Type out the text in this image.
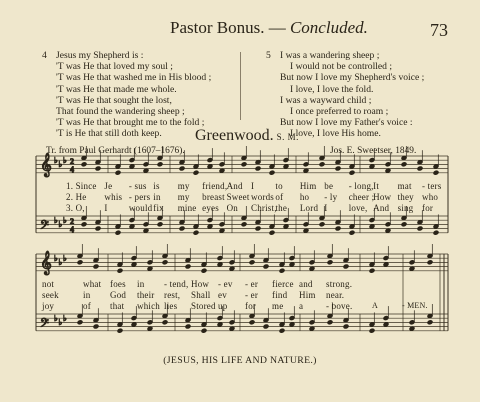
Pastor Bonus. — Concluded.	73
4 Jesus my Shepherd is :
'T was He that loved my soul ;
'T was He that washed me in His blood ;
'T was He that made me whole.
'T was He that sought the lost,
That found the wandering sheep ;
'T was He that brought me to the fold ;
'T is He that still doth keep.
5 I was a wandering sheep ;
I would not be controlled ;
But now I love my Shepherd's voice ;
I love, I love the fold.
I was a wayward child ;
I once preferred to roam ;
But now I love my Father's voice :
I love, I love His home.
Greenwood. S. M.
Tr. from Paul Gerhardt (1607–1676).	Jos. E. Sweetser, 1849.
𝄞 ♭ ♭ ♭ 2
4
𝄢 ♭ ♭ ♭ 2
4
𝄞 ♭ ♭ ♭
𝄢 ♭ ♭ ♭
1. Since Je - sus is my friend, And I to Him be - long, It mat - ters
2. He whis - pers in my breast Sweet words of ho - ly cheer ;
How they who
3. O, I would fix mine eyes On Christ,
the Lord I love, And sing for
not	what foes in - tend, How - ev - er fierce and strong.
seek	in God their rest, Shall ev - er find Him near.
joy	of that which lies Stored up for me a	- bove. A	- MEN.
(JESUS, HIS LIFE AND NATURE.)
